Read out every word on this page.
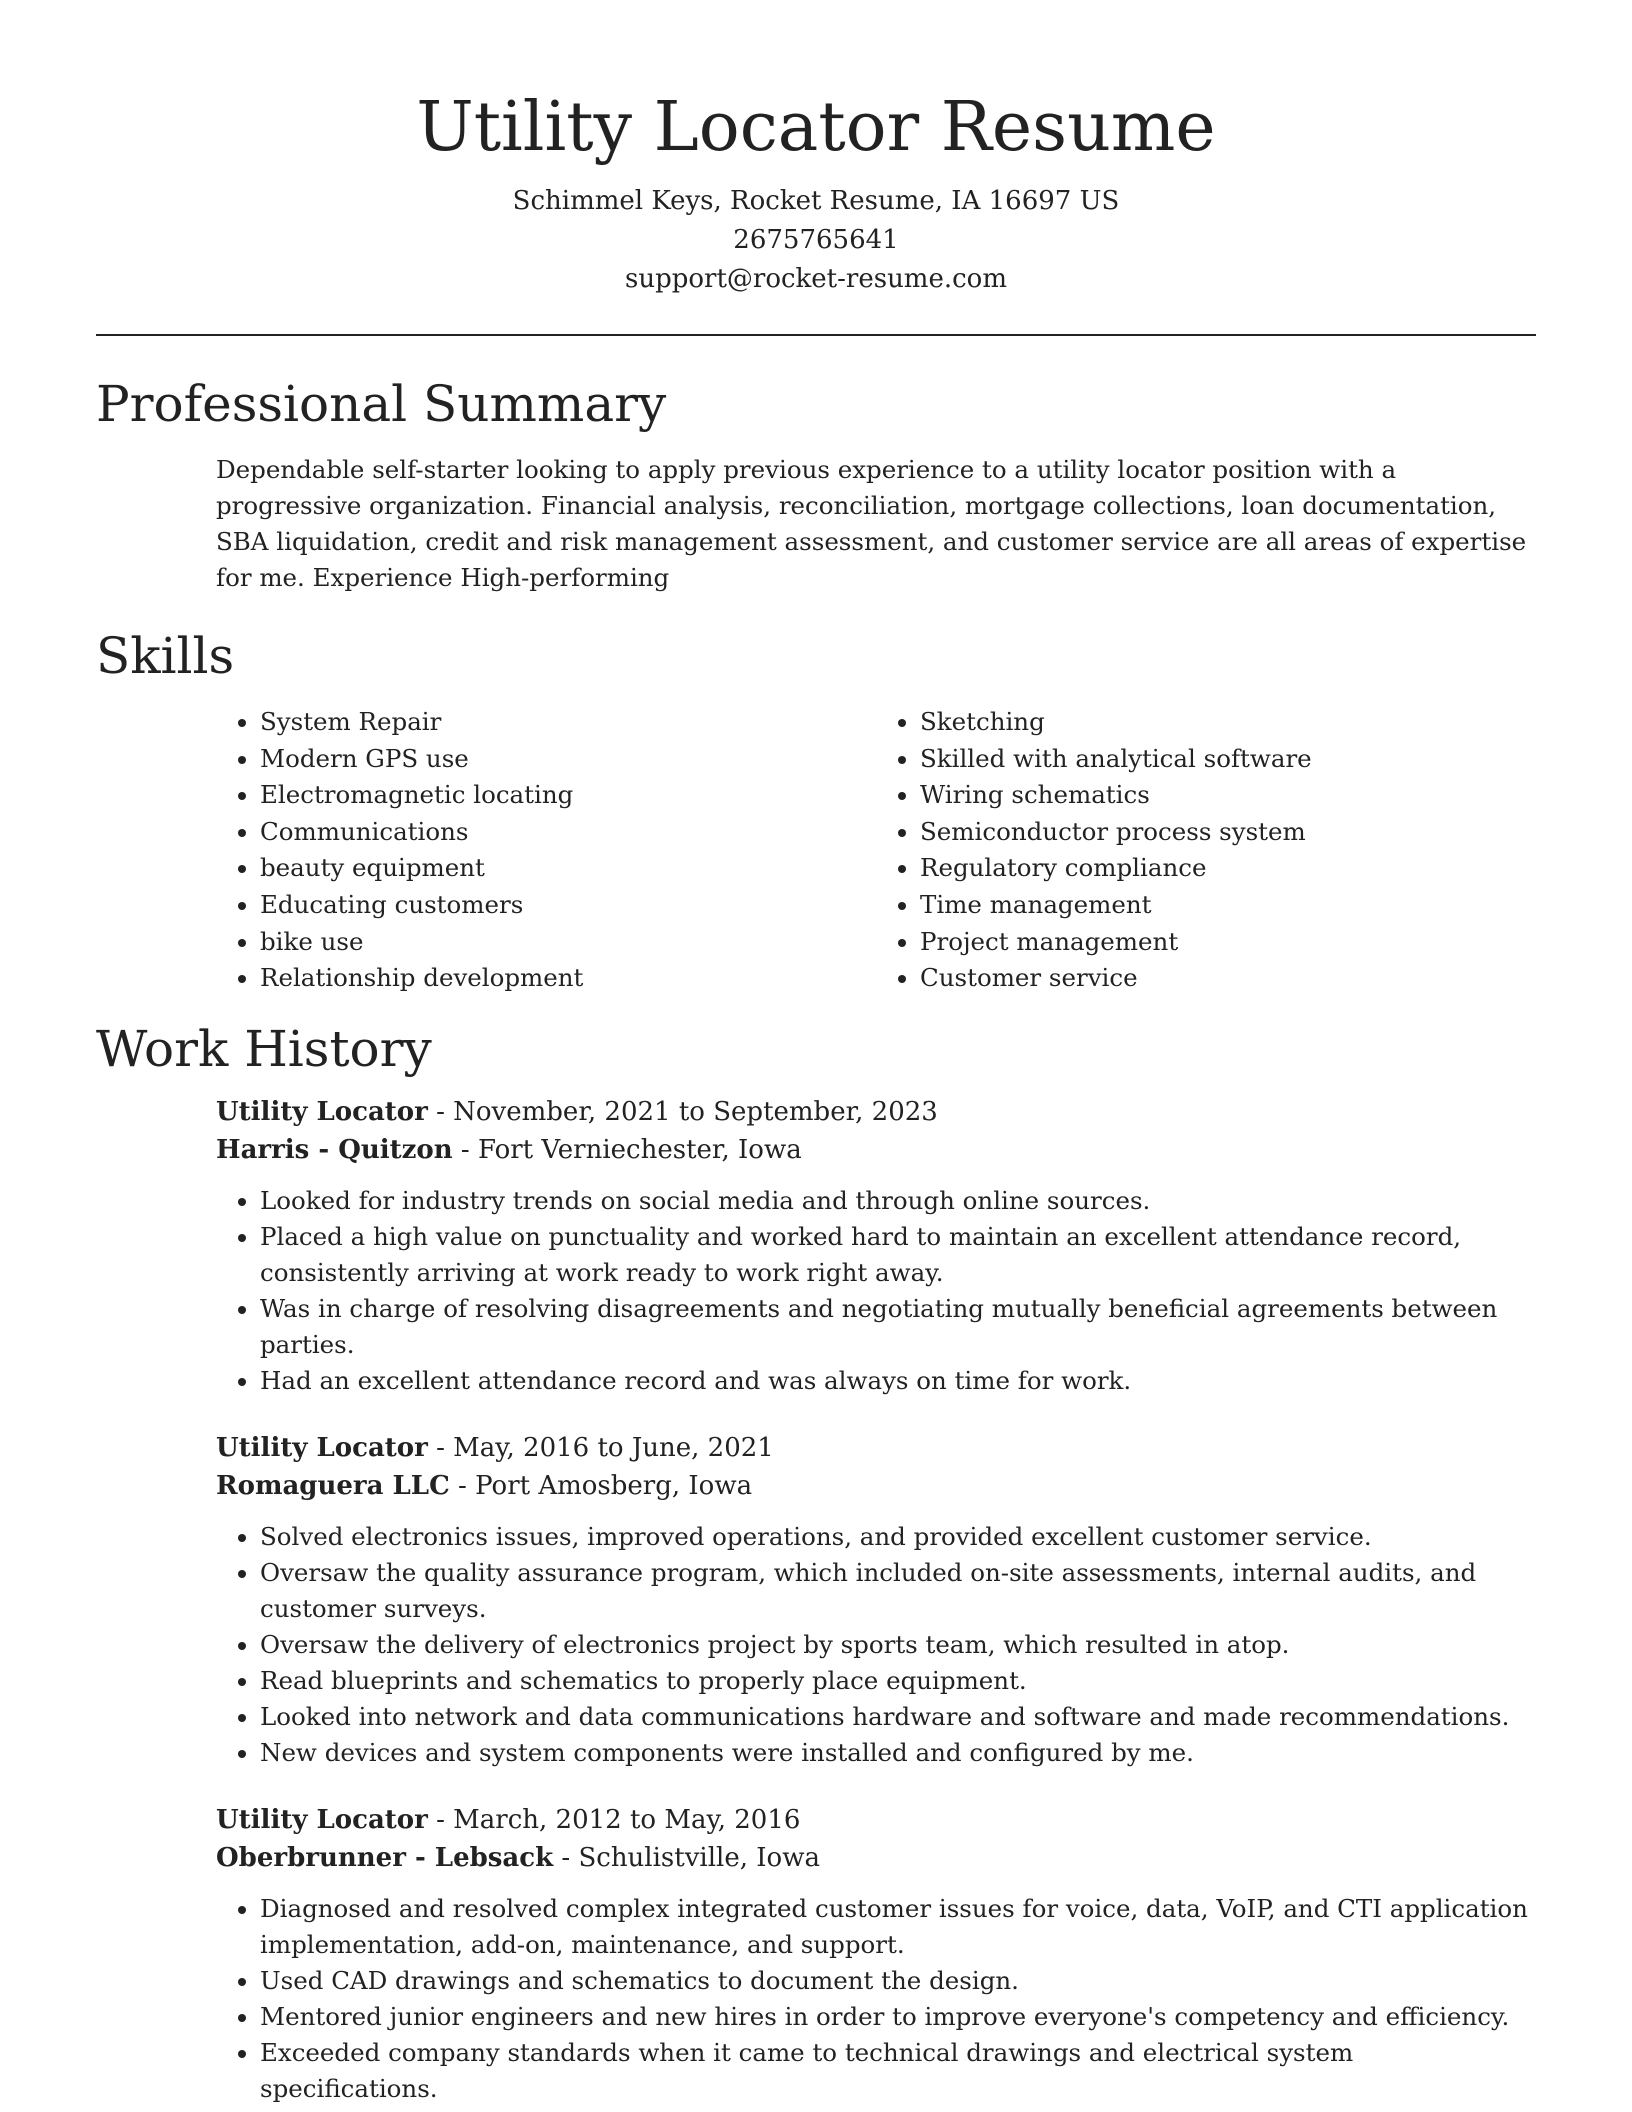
Utility Locator Resume
Schimmel Keys, Rocket Resume, IA 16697 US
2675765641
support@rocket-resume.com
Professional Summary

Dependable self-starter looking to apply previous experience to a utility locator position with a progressive organization. Financial analysis, reconciliation, mortgage collections, loan documentation, SBA liquidation, credit and risk management assessment, and customer service are all areas of expertise for me. Experience High-performing

Skills
• System Repair
• Modern GPS use
• Electromagnetic locating
• Communications
• beauty equipment
• Educating customers
• bike use
• Relationship development
• Sketching
• Skilled with analytical software
• Wiring schematics
• Semiconductor process system
• Regulatory compliance
• Time management
• Project management
• Customer service
Work History
Utility Locator - November, 2021 to September, 2023
Harris - Quitzon - Fort Verniechester, Iowa
• Looked for industry trends on social media and through online sources.
• Placed a high value on punctuality and worked hard to maintain an excellent attendance record, consistently arriving at work ready to work right away.
• Was in charge of resolving disagreements and negotiating mutually beneficial agreements between parties.
• Had an excellent attendance record and was always on time for work.
Utility Locator - May, 2016 to June, 2021
Romaguera LLC - Port Amosberg, Iowa
• Solved electronics issues, improved operations, and provided excellent customer service.
• Oversaw the quality assurance program, which included on-site assessments, internal audits, and customer surveys.
• Oversaw the delivery of electronics project by sports team, which resulted in atop.
• Read blueprints and schematics to properly place equipment.
• Looked into network and data communications hardware and software and made recommendations.
• New devices and system components were installed and configured by me.
Utility Locator - March, 2012 to May, 2016
Oberbrunner - Lebsack - Schulistville, Iowa
• Diagnosed and resolved complex integrated customer issues for voice, data, VoIP, and CTI application implementation, add-on, maintenance, and support.
• Used CAD drawings and schematics to document the design.
• Mentored junior engineers and new hires in order to improve everyone's competency and efficiency.
• Exceeded company standards when it came to technical drawings and electrical system specifications.
